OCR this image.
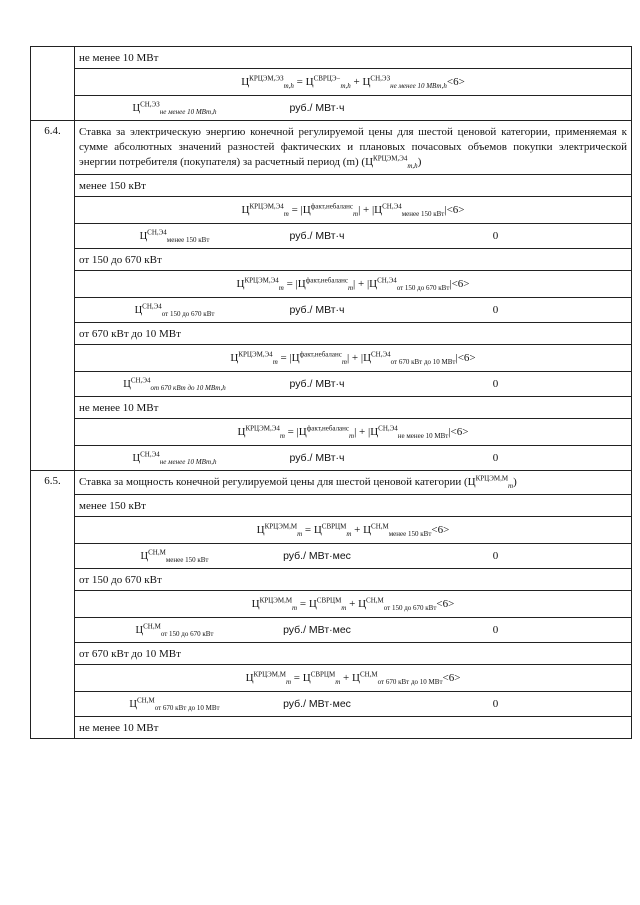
	не менее 10 МВт

$Ц^{КРЦЭМ,ЭЗ}_{m,h} = Ц^{СВРЦЭ-}_{m,h} + Ц^{СН,ЭЗ}_{не менее 10 МВт,h}<6>$

$Ц^{СН,ЭЗ}_{не менее 10 МВт,h}$	руб./ МВт·ч	

6.4.	Ставка за электрическую энергию конечной регулируемой цены для шестой ценовой категории, применяемая к сумме абсолютных значений разностей фактических и плановых почасовых объемов покупки электрической энергии потребителя (покупателя) за расчетный период (m) $(Ц^{КРЦЭМ,Э4}_{m,h})$
менее 150 кВт

$Ц^{КРЦЭМ,Э4}_m = |Ц^{факт,небаланс}_m| + |Ц^{СН,Э4}_{менее 150 кВт}|<6>$

$Ц^{СН,Э4}_{менее 150 кВт}$	руб./ МВт·ч	0

от 150 до 670 кВт

$Ц^{КРЦЭМ,Э4}_m = |Ц^{факт,небаланс}_m| + |Ц^{СН,Э4}_{от 150 до 670 кВт}|<6>$

$Ц^{СН,Э4}_{от 150 до 670 кВт}$	руб./ МВт·ч	0

от 670 кВт до 10 МВт

$Ц^{КРЦЭМ,Э4}_m = |Ц^{факт,небаланс}_m| + |Ц^{СН,Э4}_{от 670 кВт до 10 МВт}|<6>$

$Ц^{СН,Э4}_{от 670 кВт до 10 МВт,h}$	руб./ МВт·ч	0

не менее 10 МВт

$Ц^{КРЦЭМ,Э4}_m = |Ц^{факт,небаланс}_m| + |Ц^{СН,Э4}_{не менее 10 МВт}|<6>$

$Ц^{СН,Э4}_{не менее 10 МВт,h}$	руб./ МВт·ч	0

6.5.	Ставка за мощность конечной регулируемой цены для шестой ценовой категории $(Ц^{КРЦЭМ,М}_m)$
менее 150 кВт

$Ц^{КРЦЭМ,М}_m = Ц^{СВРЦМ}_m + Ц^{СН,М}_{менее 150 кВт}<6>$

$Ц^{СН,М}_{менее 150 кВт}$	руб./ МВт·мес	0

от 150 до 670 кВт

$Ц^{КРЦЭМ,М}_m = Ц^{СВРЦМ}_m + Ц^{СН,М}_{от 150 до 670 кВт}<6>$

$Ц^{СН,М}_{от 150 до 670 кВт}$	руб./ МВт·мес	0

от 670 кВт до 10 МВт

$Ц^{КРЦЭМ,М}_m = Ц^{СВРЦМ}_m + Ц^{СН,М}_{от 670 кВт до 10 МВт}<6>$

$Ц^{СН,М}_{от 670 кВт до 10 МВт}$	руб./ МВт·мес	0

не менее 10 МВт
